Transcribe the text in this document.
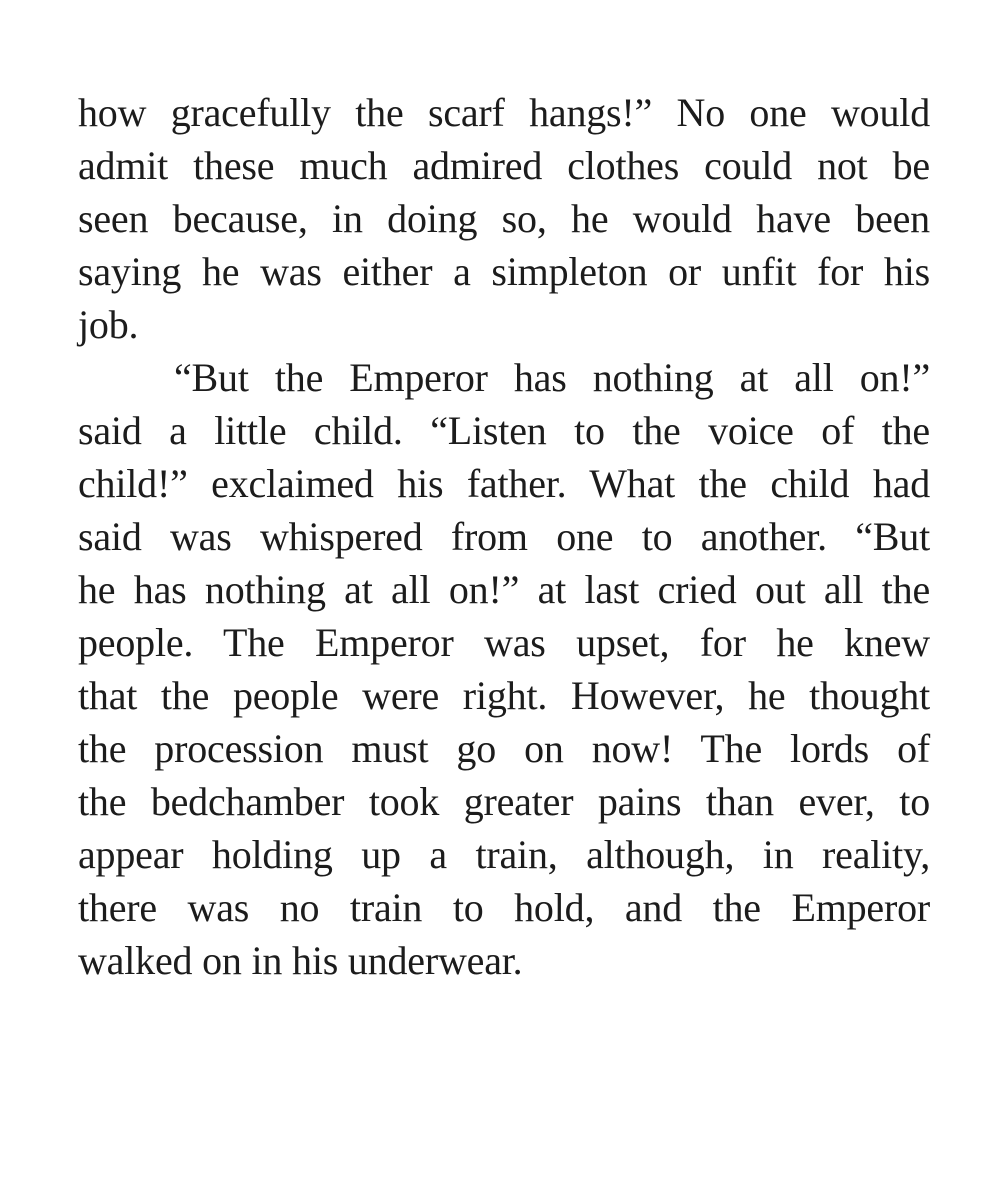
how gracefully the scarf hangs!” No one would
admit these much admired clothes could not be
seen because, in doing so, he would have been
saying he was either a simpleton or unfit for his
job.
“But the Emperor has nothing at all on!”
said a little child. “Listen to the voice of the
child!” exclaimed his father. What the child had
said was whispered from one to another. “But
he has nothing at all on!” at last cried out all the
people. The Emperor was upset, for he knew
that the people were right. However, he thought
the procession must go on now! The lords of
the bedchamber took greater pains than ever, to
appear holding up a train, although, in reality,
there was no train to hold, and the Emperor
walked on in his underwear.
